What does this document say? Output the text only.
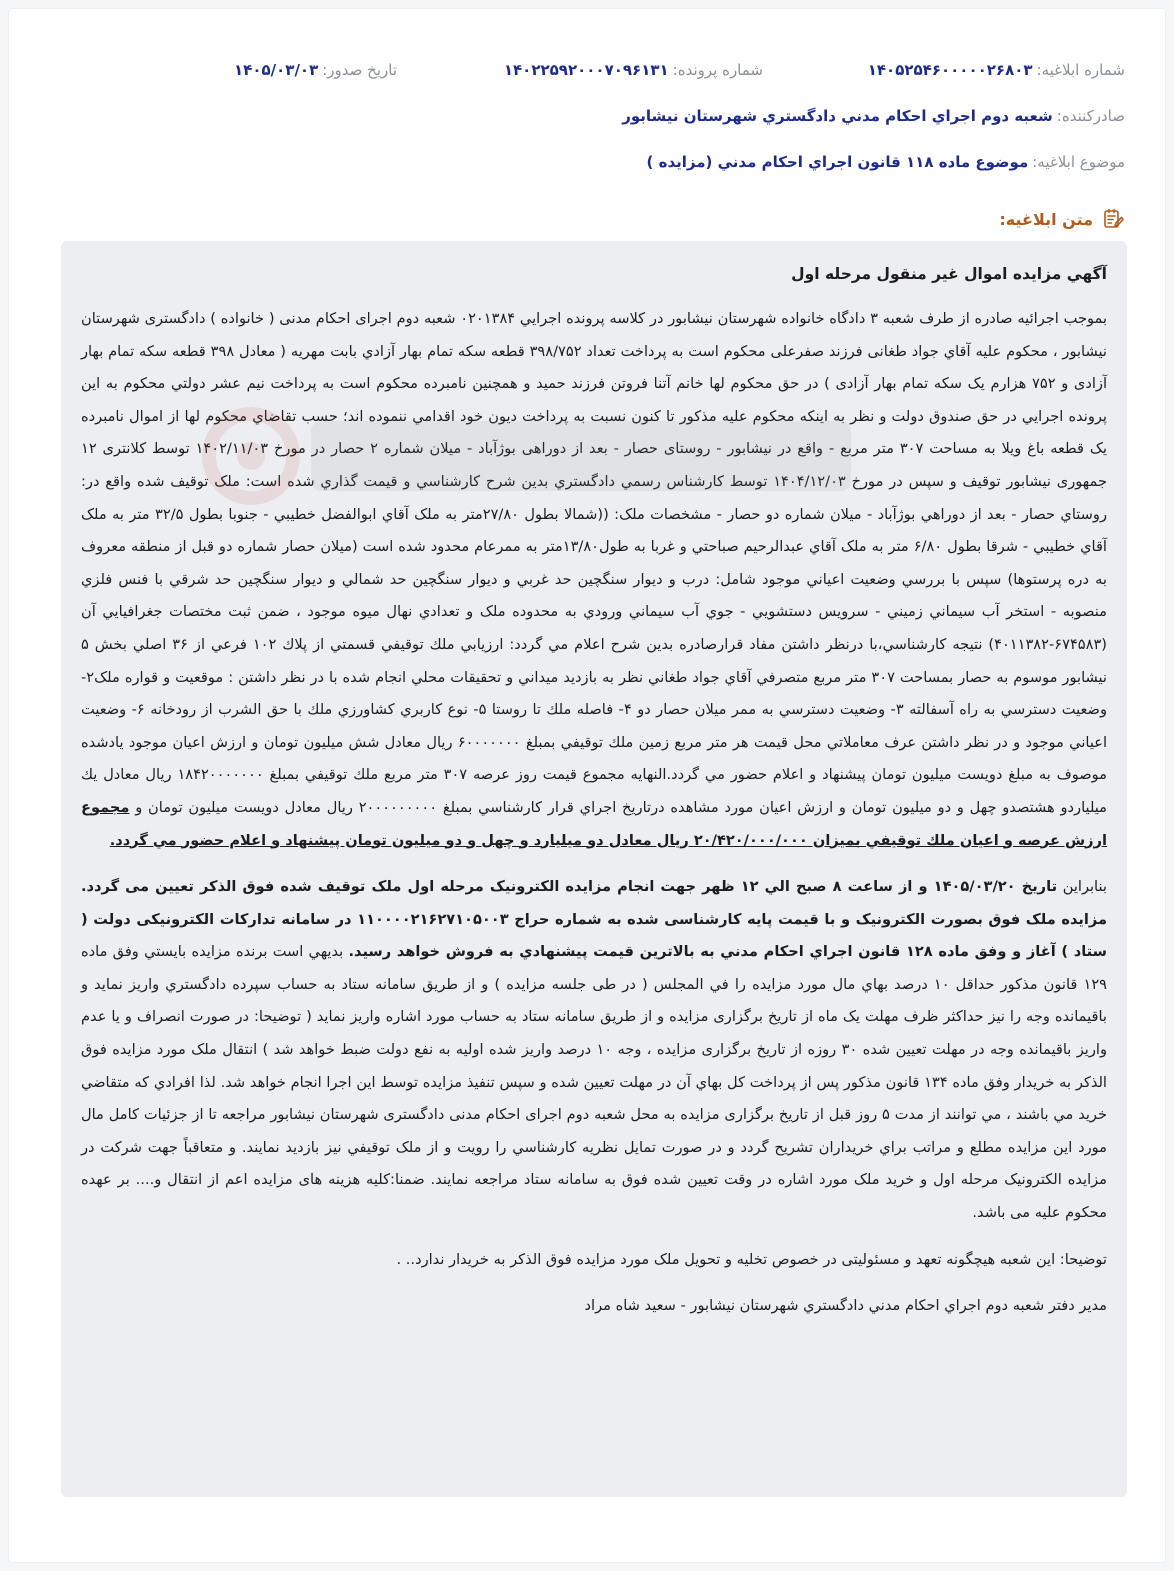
شماره ابلاغیه:
۱۴۰۵۲۵۴۶۰۰۰۰۰۲۶۸۰۳
شماره پرونده:
۱۴۰۲۲۵۹۲۰۰۰۷۰۹۶۱۳۱
تاریخ صدور:
۱۴۰۵/۰۳/۰۳
صادرکننده:
شعبه دوم اجراي احکام مدني دادگستري شهرستان نيشابور
موضوع ابلاغیه:
موضوع ماده ۱۱۸ قانون اجراي احکام مدني (مزايده )
متن ابلاغیه:
آگهي مزايده اموال غير منقول مرحله اول

بموجب اجرائيه صادره از طرف شعبه ۳ دادگاه خانواده شهرستان نيشابور در کلاسه پرونده اجرايي ۰۲۰۱۳۸۴ شعبه دوم اجرای احکام مدنی ( خانواده ) دادگستری شهرستان نيشابور ، محکوم عليه آقاي جواد طغانی فرزند صفرعلی محکوم است به پرداخت تعداد ۳۹۸/۷۵۲ قطعه سکه تمام بهار آزادي بابت مهريه ( معادل ۳۹۸ قطعه سکه تمام بهار آزادی و ۷۵۲ هزارم يک سکه تمام بهار آزادی ) در حق محکوم لها خانم آتنا فروتن فرزند حميد و همچنين نامبرده محکوم است به پرداخت نيم عشر دولتي محکوم به اين پرونده اجرايي در حق صندوق دولت و نظر به اينکه محکوم عليه مذکور تا کنون نسبت به پرداخت ديون خود اقدامي ننموده اند؛ حسب تقاضاي محکوم لها از اموال نامبرده يک قطعه باغ ويلا به مساحت ۳۰۷ متر مربع - واقع در نيشابور - روستای حصار - بعد از دوراهی بوژآباد - ميلان شماره ۲ حصار در مورخ ۱۴۰۲/۱۱/۰۳ توسط کلانتری ۱۲ جمهوری نيشابور توقيف و سپس در مورخ ۱۴۰۴/۱۲/۰۳ توسط کارشناس رسمي دادگستري بدين شرح کارشناسي و قيمت گذاري شده است: ملک توقيف شده واقع در: روستاي حصار - بعد از دوراهي بوژآباد - ميلان شماره دو حصار - مشخصات ملک: ((شمالا بطول ۲۷/۸۰متر به ملک آقاي ابوالفضل خطيبي - جنوبا بطول ۳۲/۵ متر به ملک آقاي خطيبي - شرقا بطول ۶/۸۰ متر به ملک آقاي عبدالرحيم صباحتي و غربا به طول۱۳/۸۰متر به ممرعام محدود شده است (ميلان حصار شماره دو قبل از منطقه معروف به دره پرستوها) سپس با بررسي وضعيت اعياني موجود شامل: درب و ديوار سنگچين حد غربي و ديوار سنگچين حد شمالي و ديوار سنگچين حد شرقي با فنس فلزي منصوبه - استخر آب سيماني زميني - سرويس دستشويي - جوي آب سيماني ورودي به محدوده ملک و تعدادي نهال ميوه موجود ، ضمن ثبت مختصات جغرافيايي آن (۶۷۴۵۸۳-۴۰۱۱۳۸۲) نتيجه کارشناسي،با درنظر داشتن مفاد قرارصادره بدين شرح اعلام مي گردد: ارزيابي ملك توقيفي قسمتي از پلاك ۱۰۲ فرعي از ۳۶ اصلي بخش ۵ نيشابور موسوم به حصار بمساحت ۳۰۷ متر مربع متصرفي آقاي جواد طغاني نظر به بازديد ميداني و تحقيقات محلي انجام شده با در نظر داشتن : موقعيت و قواره ملک۲- وضعيت دسترسي به راه آسفالته ۳- وضعيت دسترسي به ممر ميلان حصار دو ۴- فاصله ملك تا روستا ۵- نوع كاربري كشاورزي ملك با حق الشرب از رودخانه ۶- وضعيت اعياني موجود و در نظر داشتن عرف معاملاتي محل قيمت هر متر مربع زمين ملك توقيفي بمبلغ ۶۰۰۰۰۰۰۰ ريال معادل شش ميليون تومان و ارزش اعيان موجود يادشده موصوف به مبلغ دويست ميليون تومان پيشنهاد و اعلام حضور مي گردد.النهايه مجموع قيمت روز عرصه ۳۰۷ متر مربع ملك توقيفي بمبلغ ۱۸۴۲۰۰۰۰۰۰۰ ريال معادل يك ميلياردو هشتصدو چهل و دو ميليون تومان و ارزش اعيان مورد مشاهده درتاريخ اجراي قرار كارشناسي بمبلغ ۲۰۰۰۰۰۰۰۰۰ ريال معادل دويست ميليون تومان و مجموع ارزش عرصه و اعيان ملك توقيفي بميزان ۲۰/۴۲۰/۰۰۰/۰۰۰ ريال معادل دو ميليارد و چهل و دو ميليون تومان پيشنهاد و اعلام حضور مي گردد.

بنابراين تاريخ ۱۴۰۵/۰۳/۲۰ و از ساعت ۸ صبح الي ۱۲ ظهر جهت انجام مزايده الکترونيک مرحله اول ملک توقيف شده فوق الذکر تعيين می گردد. مزايده ملک فوق بصورت الکترونيک و با قيمت پايه کارشناسی شده به شماره حراج ۱۱۰۰۰۰۲۱۶۲۷۱۰۵۰۰۳ در سامانه تدارکات الکترونيکی دولت ( ستاد ) آغاز و وفق ماده ۱۲۸ قانون اجراي احکام مدني به بالاترين قيمت پيشنهادي به فروش خواهد رسيد. بديهي است برنده مزايده بايستي وفق ماده ۱۲۹ قانون مذکور حداقل ۱۰ درصد بهاي مال مورد مزايده را في المجلس ( در طی جلسه مزايده ) و از طريق سامانه ستاد به حساب سپرده دادگستري واريز نمايد و باقيمانده وجه را نيز حداکثر ظرف مهلت يک ماه از تاريخ برگزاری مزايده و از طريق سامانه ستاد به حساب مورد اشاره واريز نمايد ( توضيحا: در صورت انصراف و يا عدم واريز باقيمانده وجه در مهلت تعيين شده ۳۰ روزه از تاريخ برگزاری مزايده ، وجه ۱۰ درصد واريز شده اوليه به نفع دولت ضبط خواهد شد ) انتقال ملک مورد مزايده فوق الذکر به خريدار وفق ماده ۱۳۴ قانون مذکور پس از پرداخت کل بهاي آن در مهلت تعيين شده و سپس تنفيذ مزايده توسط اين اجرا انجام خواهد شد. لذا افرادي که متقاضي خريد مي باشند ، مي توانند از مدت ۵ روز قبل از تاريخ برگزاری مزايده به محل شعبه دوم اجرای احکام مدنی دادگستری شهرستان نيشابور مراجعه تا از جزئيات کامل مال مورد اين مزايده مطلع و مراتب براي خريداران تشريح گردد و در صورت تمايل نظريه کارشناسي را رويت و از ملک توقيفي نيز بازديد نمايند. و متعاقباً جهت شرکت در مزايده الکترونيک مرحله اول و خريد ملک مورد اشاره در وقت تعيين شده فوق به سامانه ستاد مراجعه نمايند. ضمنا:کليه هزينه های مزايده اعم از انتقال و.... بر عهده محکوم عليه می باشد.

توضيحا: اين شعبه هيچگونه تعهد و مسئوليتی در خصوص تخليه و تحويل ملک مورد مزايده فوق الذکر به خريدار ندارد.. .

مدير دفتر شعبه دوم اجراي احکام مدني دادگستري شهرستان نيشابور - سعيد شاه مراد
